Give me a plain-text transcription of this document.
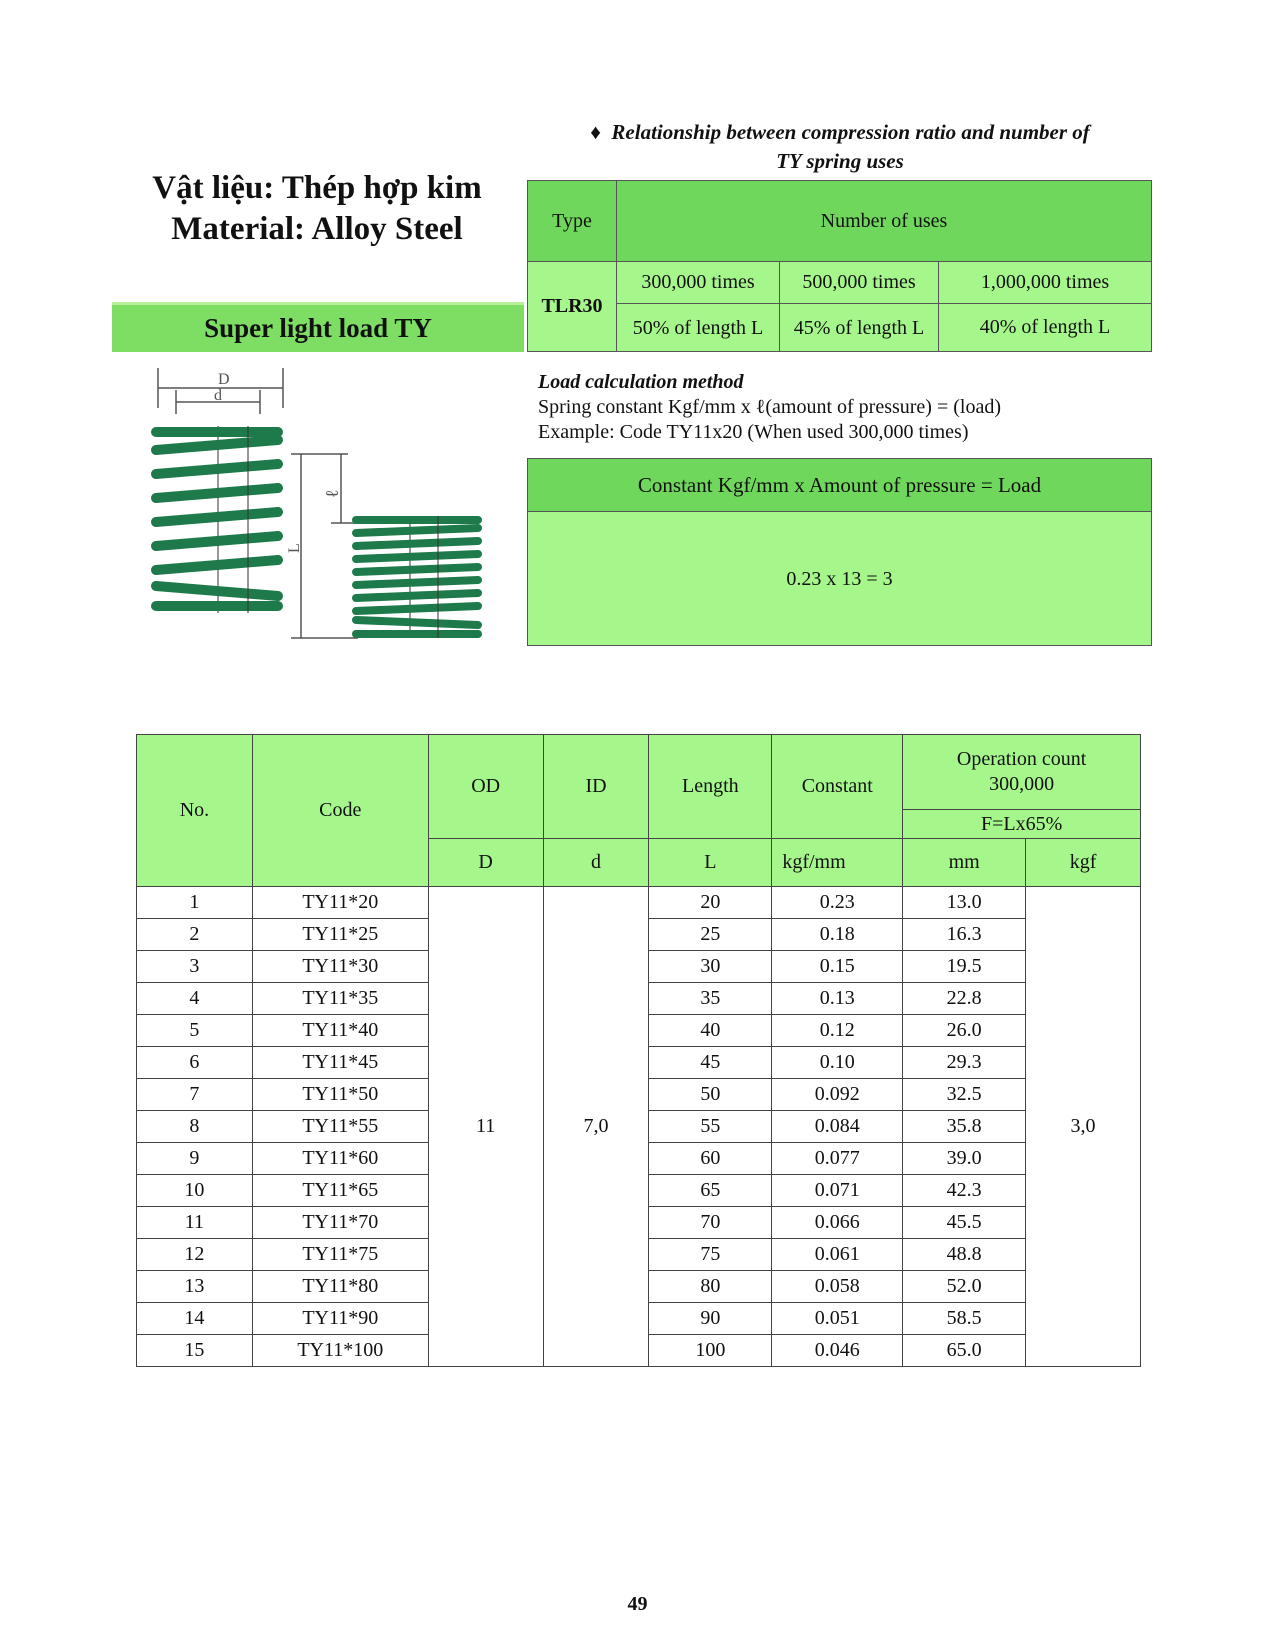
Vật liệu: Thép hợp kim
Material: Alloy Steel
Super light load TY
D
d
L
ℓ
♦ Relationship between compression ratio and number of
TY spring uses
Type	Number of uses		
TLR30	300,000 times	500,000 times	1,000,000 times
	50% of length L	45% of length L	40% of length L
Load calculation method
Spring constant Kgf/mm x ℓ(amount of pressure) = (load)
Example: Code TY11x20 (When used 300,000 times)
Constant Kgf/mm x Amount of pressure = Load
0.23 x 13 = 3
No.	Code	OD	ID	Length	Constant	Operation count
300,000	

						F=Lx65%	
		D	d	L	kgf/mm	mm	kgf
1	TY11*20	11	7,0	20	0.23	13.0	3,0
2	TY11*25			25	0.18	16.3	
3	TY11*30			30	0.15	19.5	
4	TY11*35			35	0.13	22.8	
5	TY11*40			40	0.12	26.0	
6	TY11*45			45	0.10	29.3	
7	TY11*50			50	0.092	32.5	
8	TY11*55			55	0.084	35.8	
9	TY11*60			60	0.077	39.0	
10	TY11*65			65	0.071	42.3	
11	TY11*70			70	0.066	45.5	
12	TY11*75			75	0.061	48.8	
13	TY11*80			80	0.058	52.0	
14	TY11*90			90	0.051	58.5	
15	TY11*100			100	0.046	65.0	
49
